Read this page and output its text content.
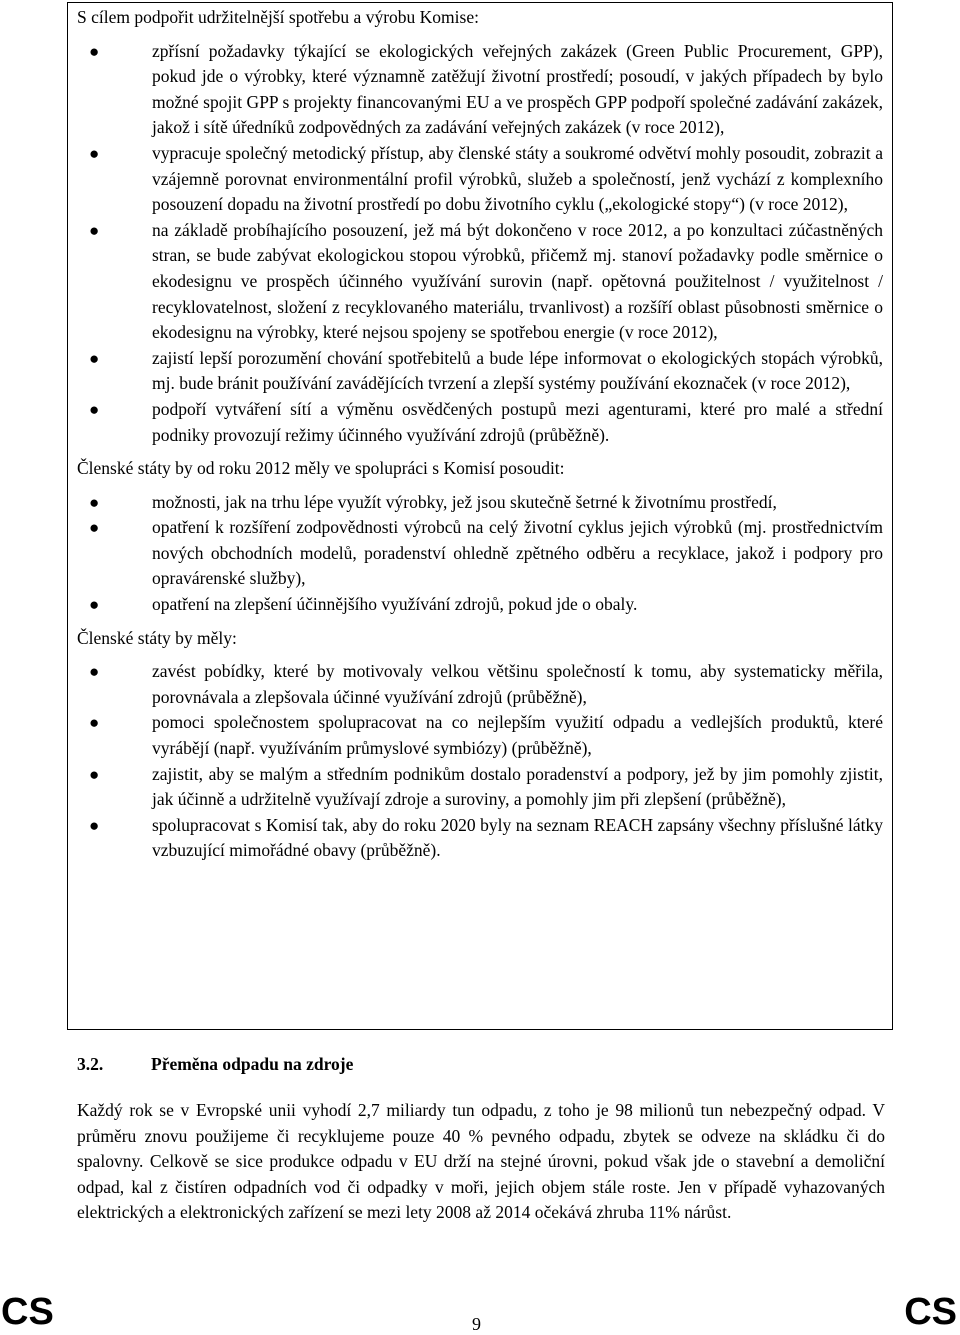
S cílem podpořit udržitelnější spotřebu a výrobu Komise:

●	zpřísní požadavky týkající se ekologických veřejných zakázek (Green Public Procurement, GPP), pokud jde o výrobky, které významně zatěžují životní prostředí; posoudí, v jakých případech by bylo možné spojit GPP s projekty financovanými EU a ve prospěch GPP podpoří společné zadávání zakázek, jakož i sítě úředníků zodpovědných za zadávání veřejných zakázek (v roce 2012),
●	vypracuje společný metodický přístup, aby členské státy a soukromé odvětví mohly posoudit, zobrazit a vzájemně porovnat environmentální profil výrobků, služeb a společností, jenž vychází z komplexního posouzení dopadu na životní prostředí po dobu životního cyklu („ekologické stopy“) (v roce 2012),
●	na základě probíhajícího posouzení, jež má být dokončeno v roce 2012, a po konzultaci zúčastněných stran, se bude zabývat ekologickou stopou výrobků, přičemž mj. stanoví požadavky podle směrnice o ekodesignu ve prospěch účinného využívání surovin (např. opětovná použitelnost / využitelnost / recyklovatelnost, složení z recyklovaného materiálu, trvanlivost) a rozšíří oblast působnosti směrnice o ekodesignu na výrobky, které nejsou spojeny se spotřebou energie (v roce 2012),
●	zajistí lepší porozumění chování spotřebitelů a bude lépe informovat o ekologických stopách výrobků, mj. bude bránit používání zavádějících tvrzení a zlepší systémy používání ekoznaček (v roce 2012),
●	podpoří vytváření sítí a výměnu osvědčených postupů mezi agenturami, které pro malé a střední podniky provozují režimy účinného využívání zdrojů (průběžně).

Členské státy by od roku 2012 měly ve spolupráci s Komisí posoudit:

●	možnosti, jak na trhu lépe využít výrobky, jež jsou skutečně šetrné k životnímu prostředí,
●	opatření k rozšíření zodpovědnosti výrobců na celý životní cyklus jejich výrobků (mj. prostřednictvím nových obchodních modelů, poradenství ohledně zpětného odběru a recyklace, jakož i podpory pro opravárenské služby),
●	opatření na zlepšení účinnějšího využívání zdrojů, pokud jde o obaly.

Členské státy by měly:

●	zavést pobídky, které by motivovaly velkou většinu společností k tomu, aby systematicky měřila, porovnávala a zlepšovala účinné využívání zdrojů (průběžně),
●	pomoci společnostem spolupracovat na co nejlepším využití odpadu a vedlejších produktů, které vyrábějí (např. využíváním průmyslové symbiózy) (průběžně),
●	zajistit, aby se malým a středním podnikům dostalo poradenství a podpory, jež by jim pomohly zjistit, jak účinně a udržitelně využívají zdroje a suroviny, a pomohly jim při zlepšení (průběžně),
●	spolupracovat s Komisí tak, aby do roku 2020 byly na seznam REACH zapsány všechny příslušné látky vzbuzující mimořádné obavy (průběžně).
3.2.	Přeměna odpadu na zdroje

Každý rok se v Evropské unii vyhodí 2,7 miliardy tun odpadu, z toho je 98 milionů tun nebezpečný odpad. V průměru znovu použijeme či recyklujeme pouze 40 % pevného odpadu, zbytek se odveze na skládku či do spalovny. Celkově se sice produkce odpadu v EU drží na stejné úrovni, pokud však jde o stavební a demoliční odpad, kal z čistíren odpadních vod či odpadky v moři, jejich objem stále roste. Jen v případě vyhazovaných elektrických a elektronických zařízení se mezi lety 2008 až 2014 očekává zhruba 11% nárůst.

CS	9	CS
